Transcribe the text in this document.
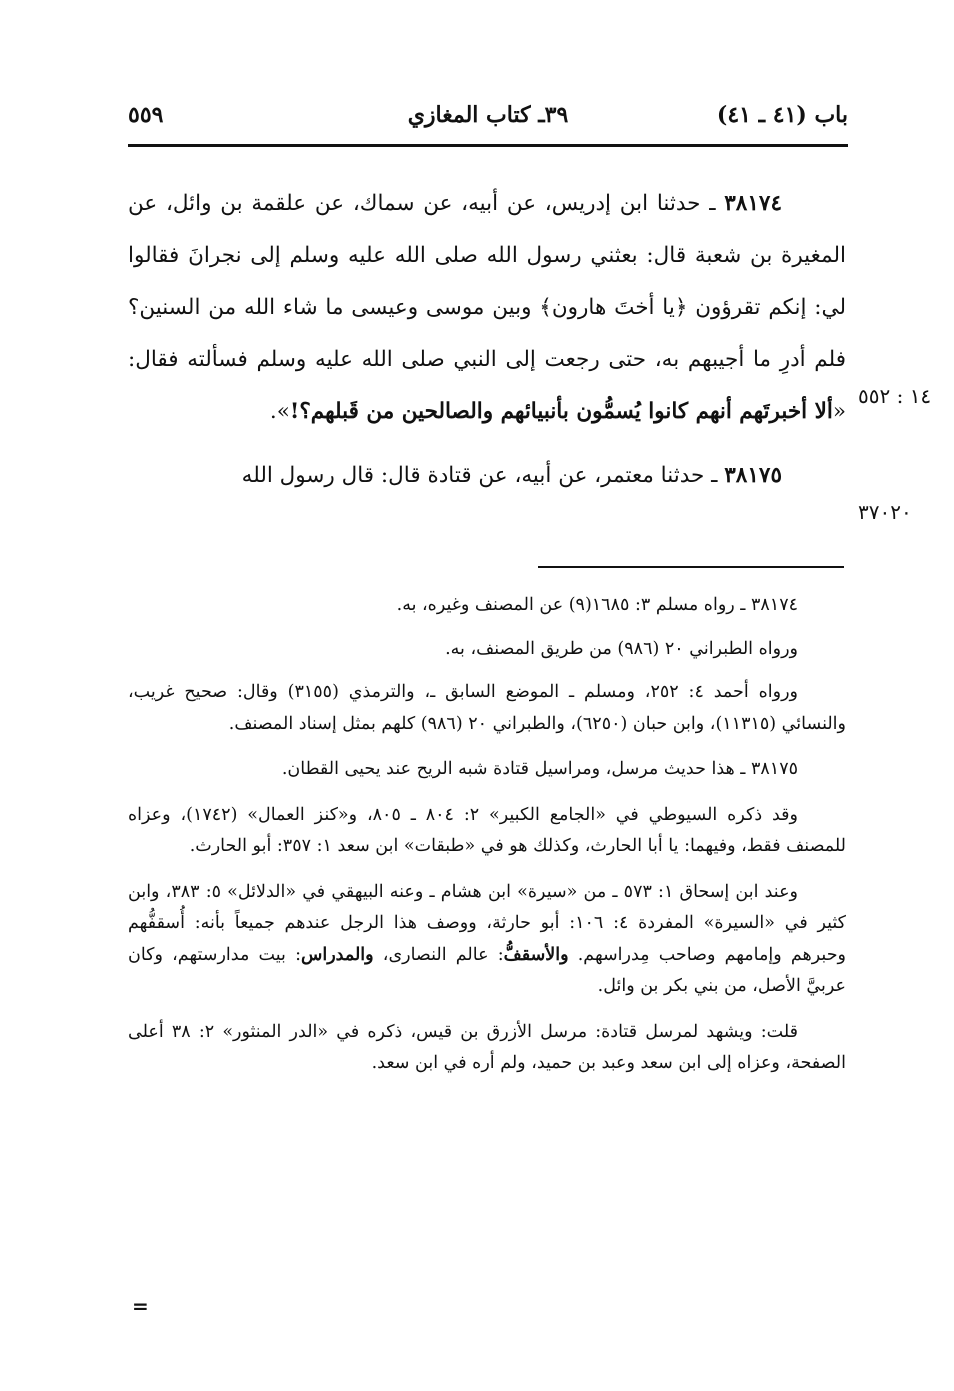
باب (٤١ ـ ٤١)
٣٩ـ كتاب المغازي
٥٥٩

٣٨١٧٤ ـ حدثنا ابن إدريس، عن أبيه، عن سماك، عن علقمة بن وائل، عن المغيرة بن شعبة قال: بعثني رسول الله صلى الله عليه وسلم إلى نجرانَ فقالوا لي: إنكم تقرؤون ﴿يا أختَ هارون﴾ وبين موسى وعيسى ما شاء الله من السنين؟ فلم أدرِ ما أجيبهم به، حتى رجعت إلى النبي صلى الله عليه وسلم فسألته فقال: «ألا أخبرتَهم أنهم كانوا يُسمُّون بأنبيائهم والصالحين من قَبلهم؟!».

٣٨١٧٥ ـ حدثنا معتمر، عن أبيه، عن قتادة قال: قال رسول الله

١٤ : ٥٥٢
٣٧٠٢٠

٣٨١٧٤ ـ رواه مسلم ٣: ١٦٨٥(٩) عن المصنف وغيره، به.

ورواه الطبراني ٢٠ (٩٨٦) من طريق المصنف، به.

ورواه أحمد ٤: ٢٥٢، ومسلم ـ الموضع السابق ـ، والترمذي (٣١٥٥) وقال: صحيح غريب، والنسائي (١١٣١٥)، وابن حبان (٦٢٥٠)، والطبراني ٢٠ (٩٨٦) كلهم بمثل إسناد المصنف.

٣٨١٧٥ ـ هذا حديث مرسل، ومراسيل قتادة شبه الريح عند يحيى القطان.

وقد ذكره السيوطي في «الجامع الكبير» ٢: ٨٠٤ ـ ٨٠٥، و«كنز العمال» (١٧٤٢)، وعزاه للمصنف فقط، وفيهما: يا أبا الحارث، وكذلك هو في «طبقات» ابن سعد ١: ٣٥٧: أبو الحارث.

وعند ابن إسحاق ١: ٥٧٣ ـ من «سيرة» ابن هشام ـ وعنه البيهقي في «الدلائل» ٥: ٣٨٣، وابن كثير في «السيرة» المفردة ٤: ١٠٦: أبو حارثة، ووصف هذا الرجل عندهم جميعاً بأنه: أُسقفُّهم وحبرهم وإمامهم وصاحب مِدراسهم. والأسقفُّ: عالم النصارى، والمدراس: بيت مدارستهم، وكان عربيَّ الأصل، من بني بكر بن وائل.

قلت: ويشهد لمرسل قتادة: مرسل الأزرق بن قيس، ذكره في «الدر المنثور» ٢: ٣٨ أعلى الصفحة، وعزاه إلى ابن سعد وعبد بن حميد، ولم أره في ابن سعد.

=
